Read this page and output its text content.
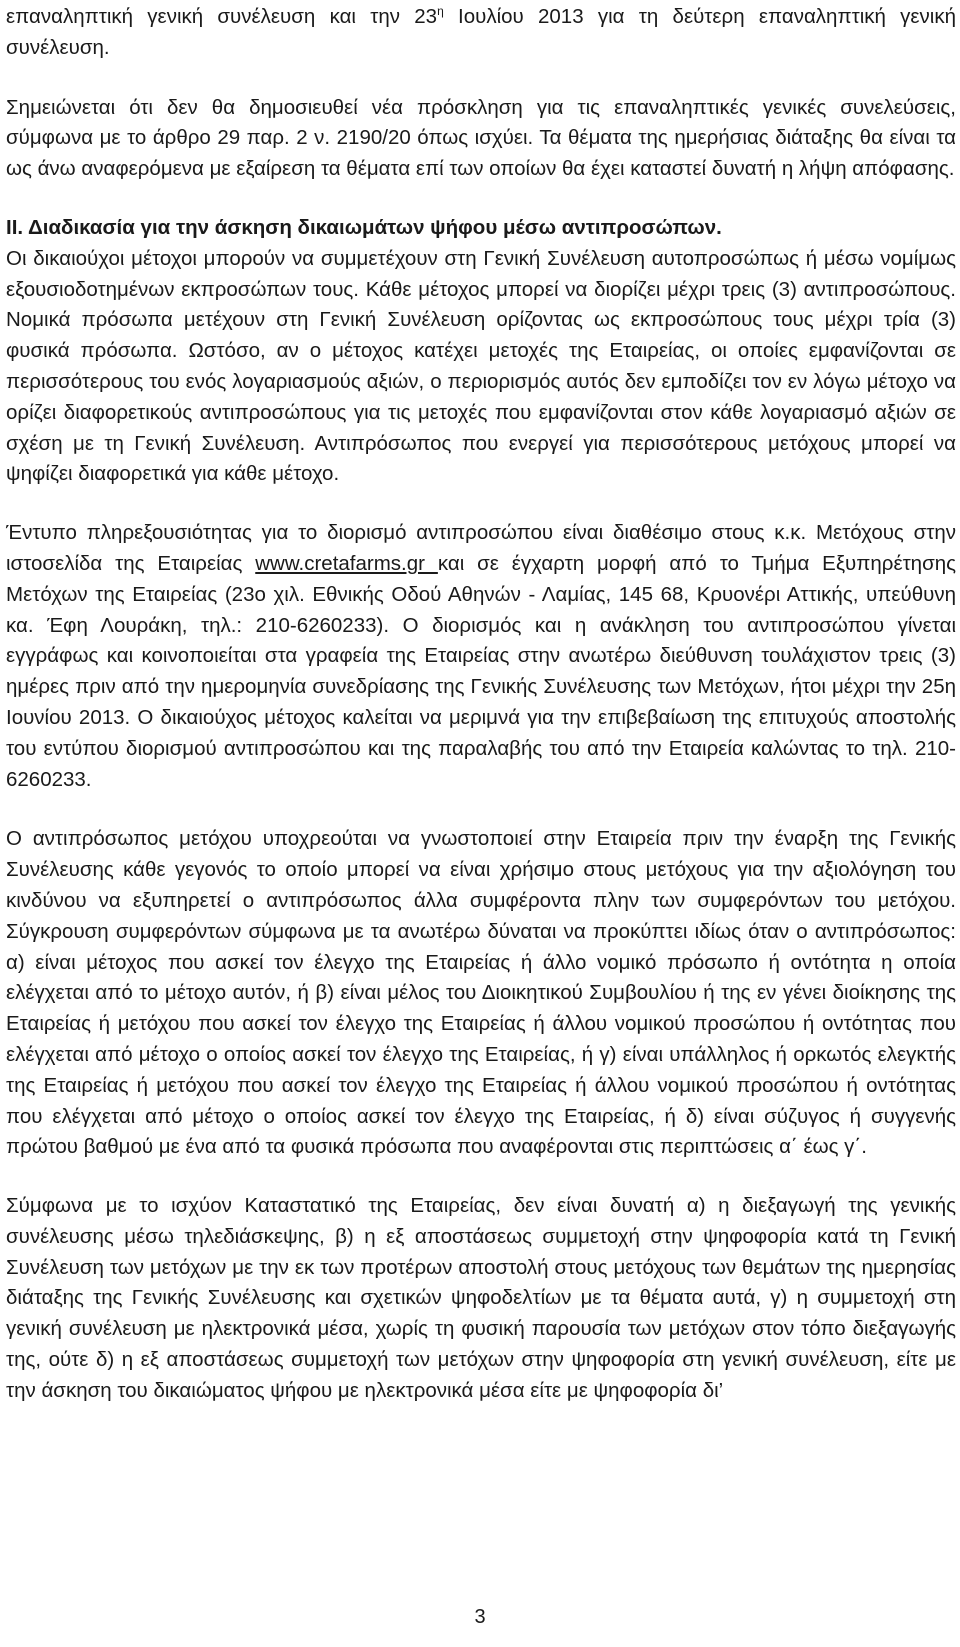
επαναληπτική γενική συνέλευση και την $23^\eta$ Ιουλίου 2013 για τη δεύτερη επαναληπτική γενική συνέλευση.

Σημειώνεται ότι δεν θα δημοσιευθεί νέα πρόσκληση για τις επαναληπτικές γενικές συνελεύσεις, σύμφωνα με το άρθρο 29 παρ. 2 ν. 2190/20 όπως ισχύει. Τα θέματα της ημερήσιας διάταξης θα είναι τα ως άνω αναφερόμενα με εξαίρεση τα θέματα επί των οποίων θα έχει καταστεί δυνατή η λήψη απόφασης.

ΙΙ. Διαδικασία για την άσκηση δικαιωμάτων ψήφου μέσω αντιπροσώπων.
Οι δικαιούχοι μέτοχοι μπορούν να συμμετέχουν στη Γενική Συνέλευση αυτοπροσώπως ή μέσω νομίμως εξουσιοδοτημένων εκπροσώπων τους. Κάθε μέτοχος μπορεί να διορίζει μέχρι τρεις (3) αντιπροσώπους. Νομικά πρόσωπα μετέχουν στη Γενική Συνέλευση ορίζοντας ως εκπροσώπους τους μέχρι τρία (3) φυσικά πρόσωπα. Ωστόσο, αν ο μέτοχος κατέχει μετοχές της Εταιρείας, οι οποίες εμφανίζονται σε περισσότερους του ενός λογαριασμούς αξιών, ο περιορισμός αυτός δεν εμποδίζει τον εν λόγω μέτοχο να ορίζει διαφορετικούς αντιπροσώπους για τις μετοχές που εμφανίζονται στον κάθε λογαριασμό αξιών σε σχέση με τη Γενική Συνέλευση. Αντιπρόσωπος που ενεργεί για περισσότερους μετόχους μπορεί να ψηφίζει διαφορετικά για κάθε μέτοχο.

Έντυπο πληρεξουσιότητας για το διορισμό αντιπροσώπου είναι διαθέσιμο στους κ.κ. Μετόχους στην ιστοσελίδα της Εταιρείας www.cretafarms.gr και σε έγχαρτη μορφή από το Τμήμα Εξυπηρέτησης Μετόχων της Εταιρείας (23ο χιλ. Εθνικής Οδού Αθηνών - Λαμίας, 145 68, Κρυονέρι Αττικής, υπεύθυνη κα. Έφη Λουράκη, τηλ.: 210-6260233). Ο διορισμός και η ανάκληση του αντιπροσώπου γίνεται εγγράφως και κοινοποιείται στα γραφεία της Εταιρείας στην ανωτέρω διεύθυνση τουλάχιστον τρεις (3) ημέρες πριν από την ημερομηνία συνεδρίασης της Γενικής Συνέλευσης των Μετόχων, ήτοι μέχρι την 25η Ιουνίου 2013. Ο δικαιούχος μέτοχος καλείται να μεριμνά για την επιβεβαίωση της επιτυχούς αποστολής του εντύπου διορισμού αντιπροσώπου και της παραλαβής του από την Εταιρεία καλώντας το τηλ. 210-6260233.

Ο αντιπρόσωπος μετόχου υποχρεούται να γνωστοποιεί στην Εταιρεία πριν την έναρξη της Γενικής Συνέλευσης κάθε γεγονός το οποίο μπορεί να είναι χρήσιμο στους μετόχους για την αξιολόγηση του κινδύνου να εξυπηρετεί ο αντιπρόσωπος άλλα συμφέροντα πλην των συμφερόντων του μετόχου. Σύγκρουση συμφερόντων σύμφωνα με τα ανωτέρω δύναται να προκύπτει ιδίως όταν ο αντιπρόσωπος: α) είναι μέτοχος που ασκεί τον έλεγχο της Εταιρείας ή άλλο νομικό πρόσωπο ή οντότητα η οποία ελέγχεται από το μέτοχο αυτόν, ή β) είναι μέλος του Διοικητικού Συμβουλίου ή της εν γένει διοίκησης της Εταιρείας ή μετόχου που ασκεί τον έλεγχο της Εταιρείας ή άλλου νομικού προσώπου ή οντότητας που ελέγχεται από μέτοχο ο οποίος ασκεί τον έλεγχο της Εταιρείας, ή γ) είναι υπάλληλος ή ορκωτός ελεγκτής της Εταιρείας ή μετόχου που ασκεί τον έλεγχο της Εταιρείας ή άλλου νομικού προσώπου ή οντότητας που ελέγχεται από μέτοχο ο οποίος ασκεί τον έλεγχο της Εταιρείας, ή δ) είναι σύζυγος ή συγγενής πρώτου βαθμού με ένα από τα φυσικά πρόσωπα που αναφέρονται στις περιπτώσεις α΄ έως γ΄.

Σύμφωνα με το ισχύον Καταστατικό της Εταιρείας, δεν είναι δυνατή α) η διεξαγωγή της γενικής συνέλευσης μέσω τηλεδιάσκεψης, β) η εξ αποστάσεως συμμετοχή στην ψηφοφορία κατά τη Γενική Συνέλευση των μετόχων με την εκ των προτέρων αποστολή στους μετόχους των θεμάτων της ημερησίας διάταξης της Γενικής Συνέλευσης και σχετικών ψηφοδελτίων με τα θέματα αυτά, γ) η συμμετοχή στη γενική συνέλευση με ηλεκτρονικά μέσα, χωρίς τη φυσική παρουσία των μετόχων στον τόπο διεξαγωγής της, ούτε δ) η εξ αποστάσεως συμμετοχή των μετόχων στην ψηφοφορία στη γενική συνέλευση, είτε με την άσκηση του δικαιώματος ψήφου με ηλεκτρονικά μέσα είτε με ψηφοφορία δι’

3
